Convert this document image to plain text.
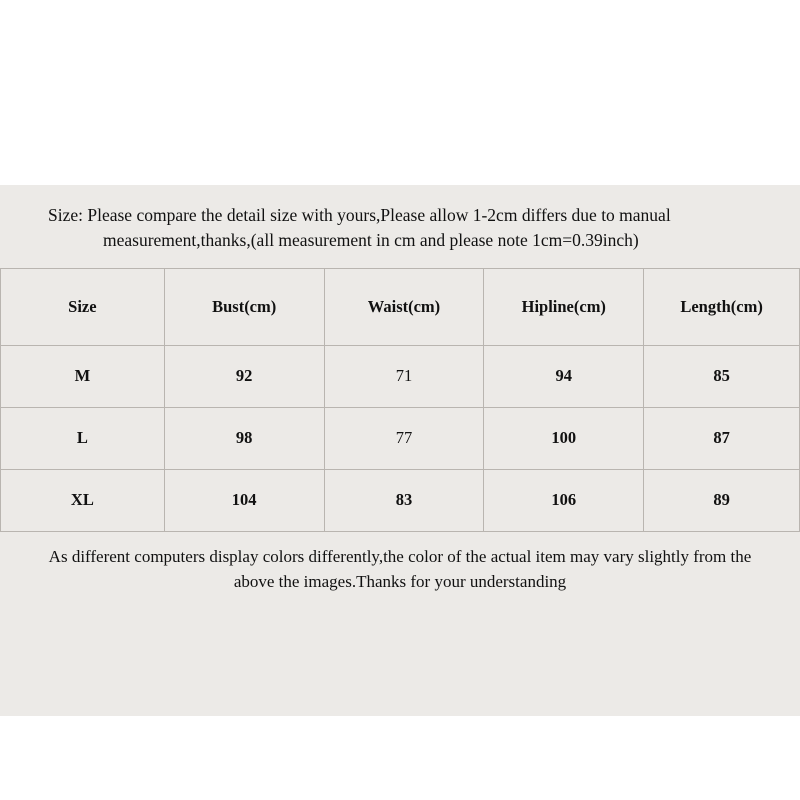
Size: Please compare the detail size with yours,Please allow 1-2cm differs due to manual
measurement,thanks,(all measurement in cm and please note 1cm=0.39inch)
Size	Bust(cm)	Waist(cm)	Hipline(cm)	Length(cm)
M	92	71	94	85
L	98	77	100	87
XL	104	83	106	89
As different computers display colors differently,the color of the actual item may vary slightly from the
above the images.Thanks for your understanding
